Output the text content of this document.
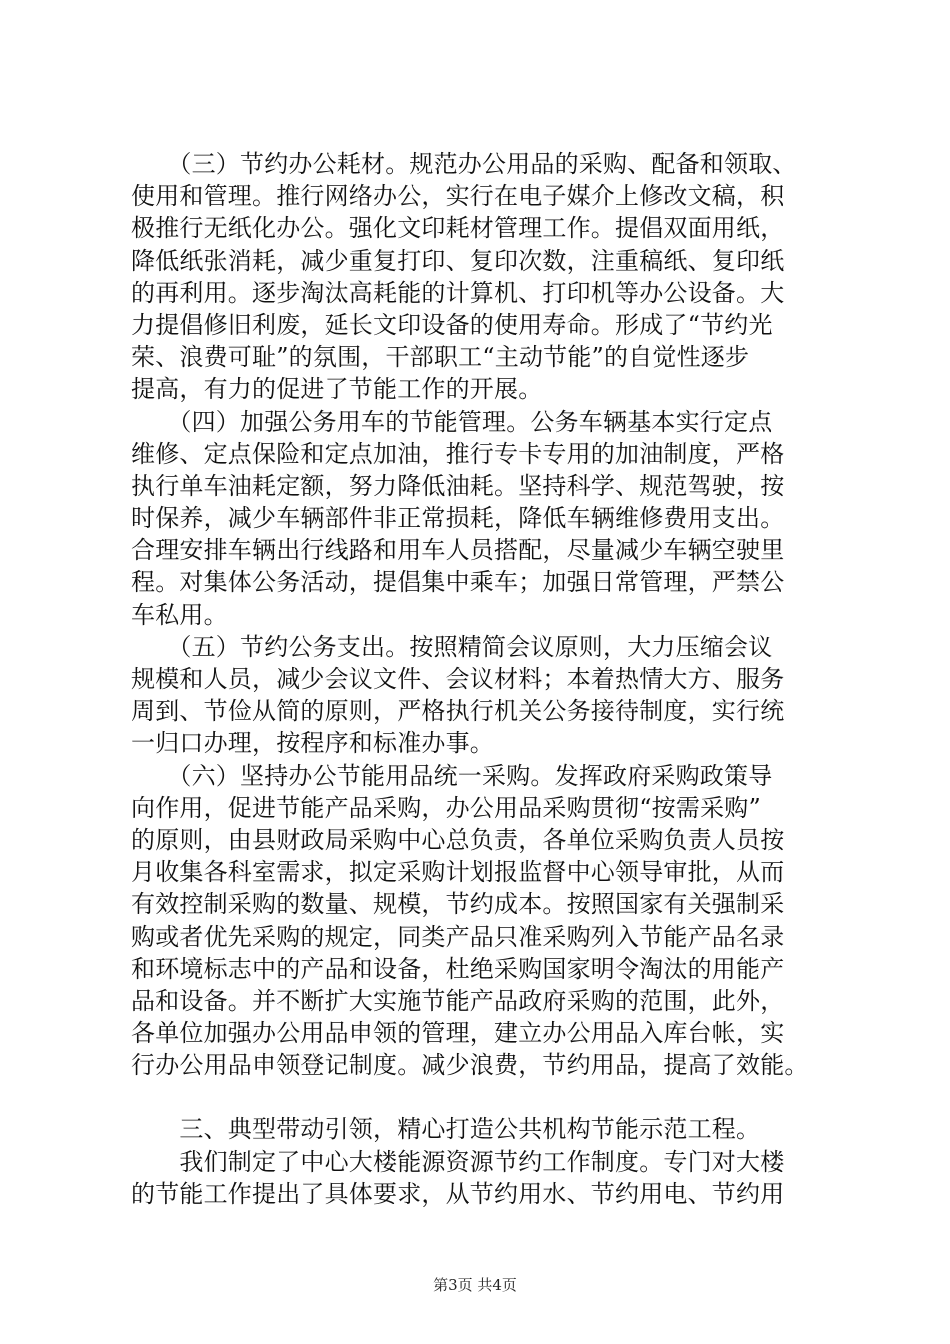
　　（三）节约办公耗材。规范办公用品的采购、配备和领取、
使用和管理。推行网络办公，实行在电子媒介上修改文稿，积
极推行无纸化办公。强化文印耗材管理工作。提倡双面用纸，
降低纸张消耗，减少重复打印、复印次数，注重稿纸、复印纸
的再利用。逐步淘汰高耗能的计算机、打印机等办公设备。大
力提倡修旧利废，延长文印设备的使用寿命。形成了“节约光
荣、浪费可耻”的氛围，干部职工“主动节能”的自觉性逐步
提高，有力的促进了节能工作的开展。
　　（四）加强公务用车的节能管理。公务车辆基本实行定点
维修、定点保险和定点加油，推行专卡专用的加油制度，严格
执行单车油耗定额，努力降低油耗。坚持科学、规范驾驶，按
时保养，减少车辆部件非正常损耗，降低车辆维修费用支出。
合理安排车辆出行线路和用车人员搭配，尽量减少车辆空驶里
程。对集体公务活动，提倡集中乘车；加强日常管理，严禁公
车私用。
　　（五）节约公务支出。按照精简会议原则，大力压缩会议
规模和人员，减少会议文件、会议材料；本着热情大方、服务
周到、节俭从简的原则，严格执行机关公务接待制度，实行统
一归口办理，按程序和标准办事。
　　（六）坚持办公节能用品统一采购。发挥政府采购政策导
向作用，促进节能产品采购，办公用品采购贯彻“按需采购”
的原则，由县财政局采购中心总负责，各单位采购负责人员按
月收集各科室需求，拟定采购计划报监督中心领导审批，从而
有效控制采购的数量、规模，节约成本。按照国家有关强制采
购或者优先采购的规定，同类产品只准采购列入节能产品名录
和环境标志中的产品和设备，杜绝采购国家明令淘汰的用能产
品和设备。并不断扩大实施节能产品政府采购的范围，此外，
各单位加强办公用品申领的管理，建立办公用品入库台帐，实
行办公用品申领登记制度。减少浪费，节约用品，提高了效能。
　　三、典型带动引领，精心打造公共机构节能示范工程。
　　我们制定了中心大楼能源资源节约工作制度。专门对大楼
的节能工作提出了具体要求，从节约用水、节约用电、节约用
第3页 共4页
